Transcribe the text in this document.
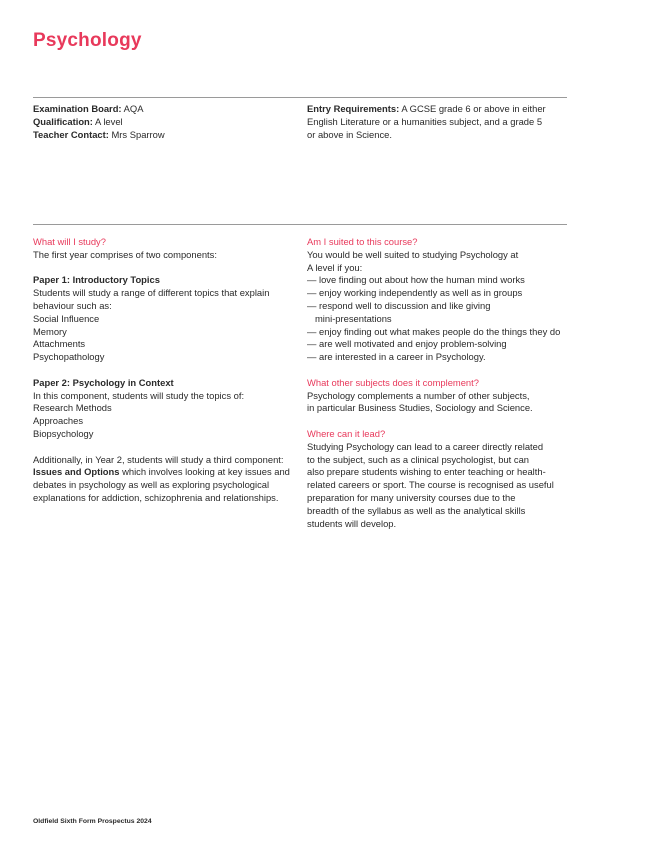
Psychology
Examination Board: AQA
Qualification: A level
Teacher Contact: Mrs Sparrow
Entry Requirements: A GCSE grade 6 or above in either
English Literature or a humanities subject, and a grade 5
or above in Science.
What will I study?
The first year comprises of two components:
Paper 1: Introductory Topics
Students will study a range of different topics that explain
behaviour such as:
Social Influence
Memory
Attachments
Psychopathology
Paper 2: Psychology in Context
In this component, students will study the topics of:
Research Methods
Approaches
Biopsychology
Additionally, in Year 2, students will study a third component:
Issues and Options which involves looking at key issues and
debates in psychology as well as exploring psychological
explanations for addiction, schizophrenia and relationships.
Am I suited to this course?
You would be well suited to studying Psychology at
A level if you:
— love finding out about how the human mind works
— enjoy working independently as well as in groups
— respond well to discussion and like giving
mini-presentations
— enjoy finding out what makes people do the things they do
— are well motivated and enjoy problem-solving
— are interested in a career in Psychology.
What other subjects does it complement?
Psychology complements a number of other subjects,
in particular Business Studies, Sociology and Science.
Where can it lead?
Studying Psychology can lead to a career directly related
to the subject, such as a clinical psychologist, but can
also prepare students wishing to enter teaching or health-
related careers or sport. The course is recognised as useful
preparation for many university courses due to the
breadth of the syllabus as well as the analytical skills
students will develop.
Oldfield Sixth Form Prospectus 2024
